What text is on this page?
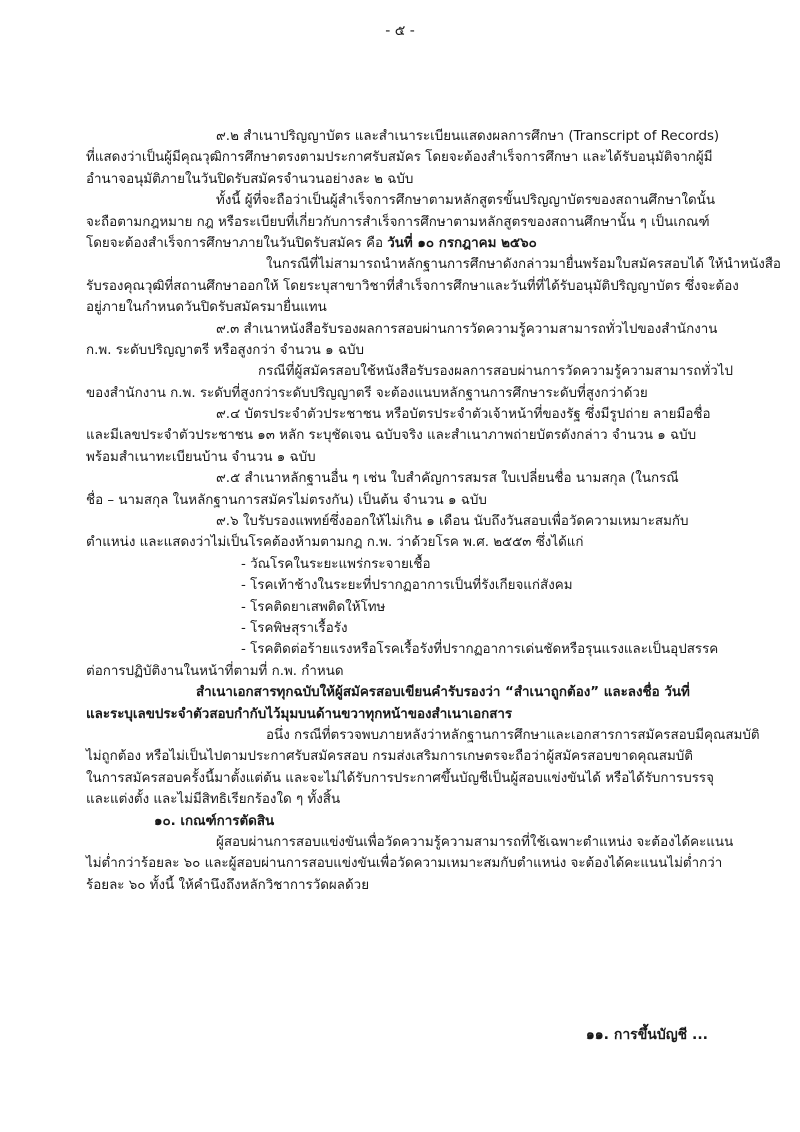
- ๕ -
๙.๒ สำเนาปริญญาบัตร และสำเนาระเบียนแสดงผลการศึกษา (Transcript of Records)
ที่แสดงว่าเป็นผู้มีคุณวุฒิการศึกษาตรงตามประกาศรับสมัคร โดยจะต้องสำเร็จการศึกษา และได้รับอนุมัติจากผู้มี
อำนาจอนุมัติภายในวันปิดรับสมัครจำนวนอย่างละ ๒ ฉบับ
ทั้งนี้ ผู้ที่จะถือว่าเป็นผู้สำเร็จการศึกษาตามหลักสูตรขั้นปริญญาบัตรของสถานศึกษาใดนั้น
จะถือตามกฎหมาย กฎ หรือระเบียบที่เกี่ยวกับการสำเร็จการศึกษาตามหลักสูตรของสถานศึกษานั้น ๆ เป็นเกณฑ์
โดยจะต้องสำเร็จการศึกษาภายในวันปิดรับสมัคร คือ วันที่ ๑๐ กรกฎาคม ๒๕๖๐
ในกรณีที่ไม่สามารถนำหลักฐานการศึกษาดังกล่าวมายื่นพร้อมใบสมัครสอบได้ ให้นำหนังสือ
รับรองคุณวุฒิที่สถานศึกษาออกให้ โดยระบุสาขาวิชาที่สำเร็จการศึกษาและวันที่ที่ได้รับอนุมัติปริญญาบัตร ซึ่งจะต้อง
อยู่ภายในกำหนดวันปิดรับสมัครมายื่นแทน
๙.๓ สำเนาหนังสือรับรองผลการสอบผ่านการวัดความรู้ความสามารถทั่วไปของสำนักงาน
ก.พ. ระดับปริญญาตรี หรือสูงกว่า จำนวน ๑ ฉบับ
กรณีที่ผู้สมัครสอบใช้หนังสือรับรองผลการสอบผ่านการวัดความรู้ความสามารถทั่วไป
ของสำนักงาน ก.พ. ระดับที่สูงกว่าระดับปริญญาตรี จะต้องแนบหลักฐานการศึกษาระดับที่สูงกว่าด้วย
๙.๔ บัตรประจำตัวประชาชน หรือบัตรประจำตัวเจ้าหน้าที่ของรัฐ ซึ่งมีรูปถ่าย ลายมือชื่อ
และมีเลขประจำตัวประชาชน ๑๓ หลัก ระบุชัดเจน ฉบับจริง และสำเนาภาพถ่ายบัตรดังกล่าว จำนวน ๑ ฉบับ
พร้อมสำเนาทะเบียนบ้าน จำนวน ๑ ฉบับ
๙.๕ สำเนาหลักฐานอื่น ๆ เช่น ใบสำคัญการสมรส ใบเปลี่ยนชื่อ นามสกุล (ในกรณี
ชื่อ – นามสกุล ในหลักฐานการสมัครไม่ตรงกัน) เป็นต้น จำนวน ๑ ฉบับ
๙.๖ ใบรับรองแพทย์ซึ่งออกให้ไม่เกิน ๑ เดือน นับถึงวันสอบเพื่อวัดความเหมาะสมกับ
ตำแหน่ง และแสดงว่าไม่เป็นโรคต้องห้ามตามกฎ ก.พ. ว่าด้วยโรค พ.ศ. ๒๕๕๓ ซึ่งได้แก่
- วัณโรคในระยะแพร่กระจายเชื้อ
- โรคเท้าช้างในระยะที่ปรากฏอาการเป็นที่รังเกียจแก่สังคม
- โรคติดยาเสพติดให้โทษ
- โรคพิษสุราเรื้อรัง
- โรคติดต่อร้ายแรงหรือโรคเรื้อรังที่ปรากฏอาการเด่นชัดหรือรุนแรงและเป็นอุปสรรค
ต่อการปฏิบัติงานในหน้าที่ตามที่ ก.พ. กำหนด
สำเนาเอกสารทุกฉบับให้ผู้สมัครสอบเขียนคำรับรองว่า “สำเนาถูกต้อง” และลงชื่อ วันที่
และระบุเลขประจำตัวสอบกำกับไว้มุมบนด้านขวาทุกหน้าของสำเนาเอกสาร
อนึ่ง กรณีที่ตรวจพบภายหลังว่าหลักฐานการศึกษาและเอกสารการสมัครสอบมีคุณสมบัติ
ไม่ถูกต้อง หรือไม่เป็นไปตามประกาศรับสมัครสอบ กรมส่งเสริมการเกษตรจะถือว่าผู้สมัครสอบขาดคุณสมบัติ
ในการสมัครสอบครั้งนี้มาตั้งแต่ต้น และจะไม่ได้รับการประกาศขึ้นบัญชีเป็นผู้สอบแข่งขันได้ หรือได้รับการบรรจุ
และแต่งตั้ง และไม่มีสิทธิเรียกร้องใด ๆ ทั้งสิ้น
๑๐. เกณฑ์การตัดสิน
ผู้สอบผ่านการสอบแข่งขันเพื่อวัดความรู้ความสามารถที่ใช้เฉพาะตำแหน่ง จะต้องได้คะแนน
ไม่ต่ำกว่าร้อยละ ๖๐ และผู้สอบผ่านการสอบแข่งขันเพื่อวัดความเหมาะสมกับตำแหน่ง จะต้องได้คะแนนไม่ต่ำกว่า
ร้อยละ ๖๐ ทั้งนี้ ให้คำนึงถึงหลักวิชาการวัดผลด้วย
๑๑. การขึ้นบัญชี ...
